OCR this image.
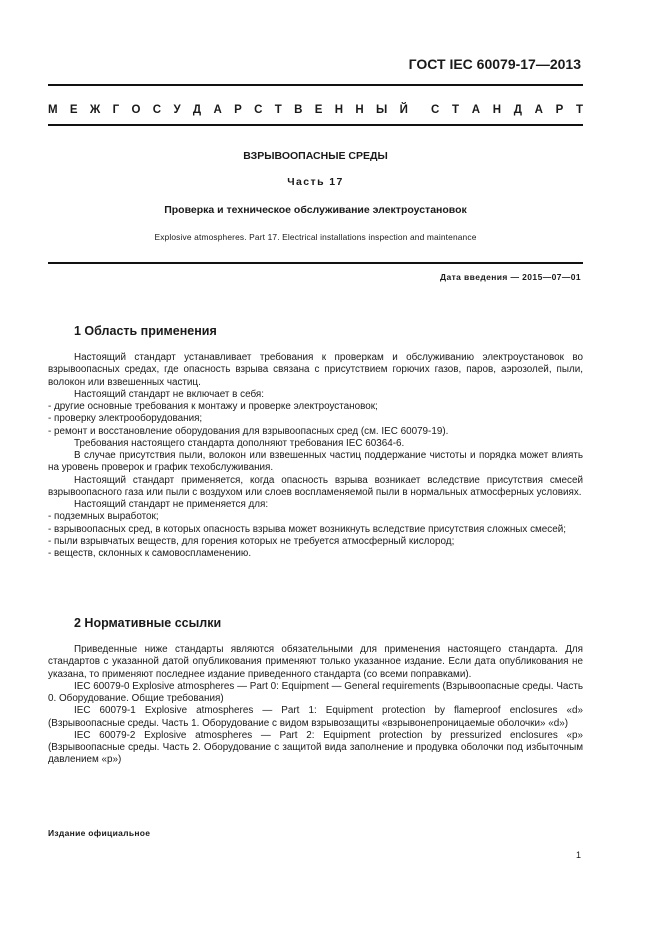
ГОСТ IEC 60079-17—2013
М Е Ж Г О С У Д А Р С Т В Е Н Н Ы Й С Т А Н Д А Р Т
ВЗРЫВООПАСНЫЕ СРЕДЫ
Часть 17
Проверка и техническое обслуживание электроустановок
Explosive atmospheres. Part 17. Electrical installations inspection and maintenance
Дата введения — 2015—07—01
1 Область применения

Настоящий стандарт устанавливает требования к проверкам и обслуживанию электроустановок во взрывоопасных средах, где опасность взрыва связана с присутствием горючих газов, паров, аэрозолей, пыли, волокон или взвешенных частиц.

Настоящий стандарт не включает в себя:

- другие основные требования к монтажу и проверке электроустановок;

- проверку электрооборудования;

- ремонт и восстановление оборудования для взрывоопасных сред (см. IEC 60079-19).

Требования настоящего стандарта дополняют требования IEC 60364-6.

В случае присутствия пыли, волокон или взвешенных частиц поддержание чистоты и порядка может влиять на уровень проверок и график техобслуживания.

Настоящий стандарт применяется, когда опасность взрыва возникает вследствие присутствия смесей взрывоопасного газа или пыли с воздухом или слоев воспламеняемой пыли в нормальных атмосферных условиях.

Настоящий стандарт не применяется для:

- подземных выработок;

- взрывоопасных сред, в которых опасность взрыва может возникнуть вследствие присутствия сложных смесей;

- пыли взрывчатых веществ, для горения которых не требуется атмосферный кислород;

- веществ, склонных к самовоспламенению.

2 Нормативные ссылки

Приведенные ниже стандарты являются обязательными для применения настоящего стандарта. Для стандартов с указанной датой опубликования применяют только указанное издание. Если дата опубликования не указана, то применяют последнее издание приведенного стандарта (со всеми поправками).

IEC 60079-0 Explosive atmospheres — Part 0: Equipment — General requirements (Взрывоопасные среды. Часть 0. Оборудование. Общие требования)

IEC 60079-1 Explosive atmospheres — Part 1: Equipment protection by flameproof enclosures «d» (Взрывоопасные среды. Часть 1. Оборудование с видом взрывозащиты «взрывонепроницаемые оболочки» «d»)

IEC 60079-2 Explosive atmospheres — Part 2: Equipment protection by pressurized enclosures «p» (Взрывоопасные среды. Часть 2. Оборудование с защитой вида заполнение и продувка оболочки под избыточным давлением «p»)

Издание официальное
1
